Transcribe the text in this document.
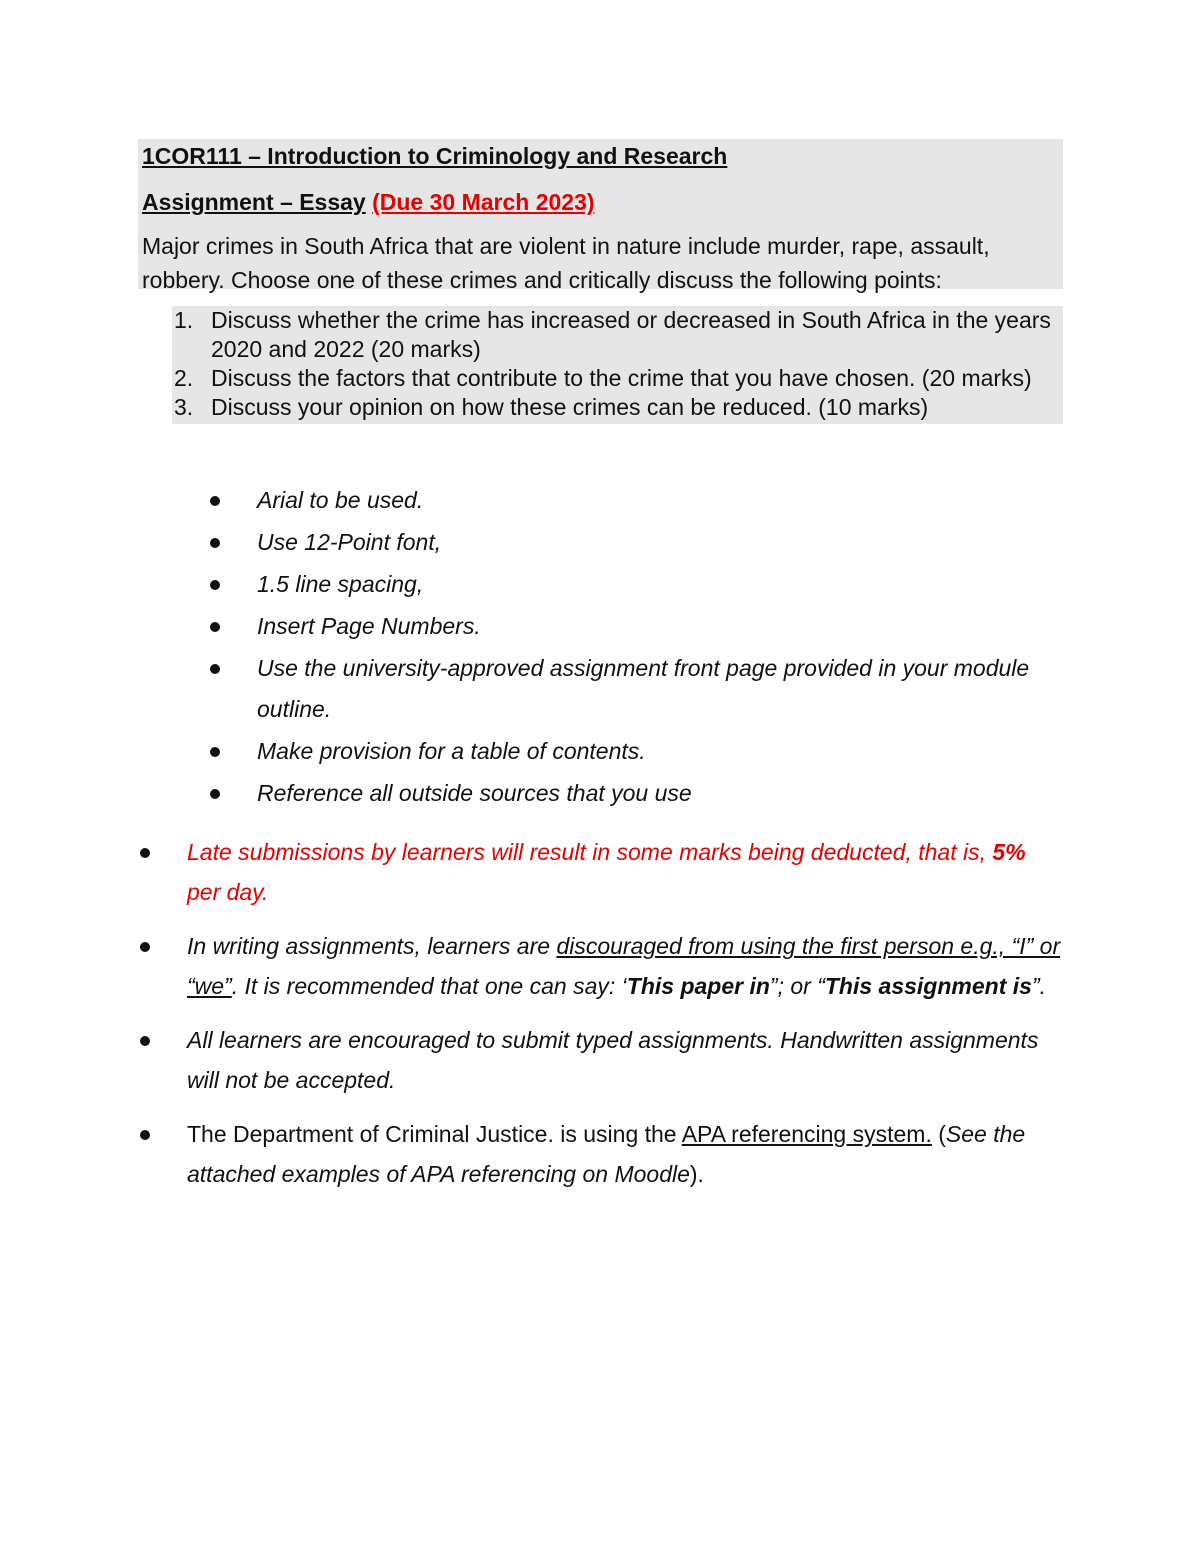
1COR111 – Introduction to Criminology and Research
Assignment – Essay (Due 30 March 2023)
Major crimes in South Africa that are violent in nature include murder, rape, assault, robbery. Choose one of these crimes and critically discuss the following points:
1. Discuss whether the crime has increased or decreased in South Africa in the years 2020 and 2022 (20 marks)
2. Discuss the factors that contribute to the crime that you have chosen. (20 marks)
3. Discuss your opinion on how these crimes can be reduced. (10 marks)
Arial to be used.
Use 12-Point font,
1.5 line spacing,
Insert Page Numbers.
Use the university-approved assignment front page provided in your module outline.
Make provision for a table of contents.
Reference all outside sources that you use
Late submissions by learners will result in some marks being deducted, that is, 5% per day.
In writing assignments, learners are discouraged from using the first person e.g., “I” or “we”. It is recommended that one can say: ‘This paper in”; or “This assignment is”.
All learners are encouraged to submit typed assignments. Handwritten assignments will not be accepted.
The Department of Criminal Justice. is using the APA referencing system. (See the attached examples of APA referencing on Moodle).
